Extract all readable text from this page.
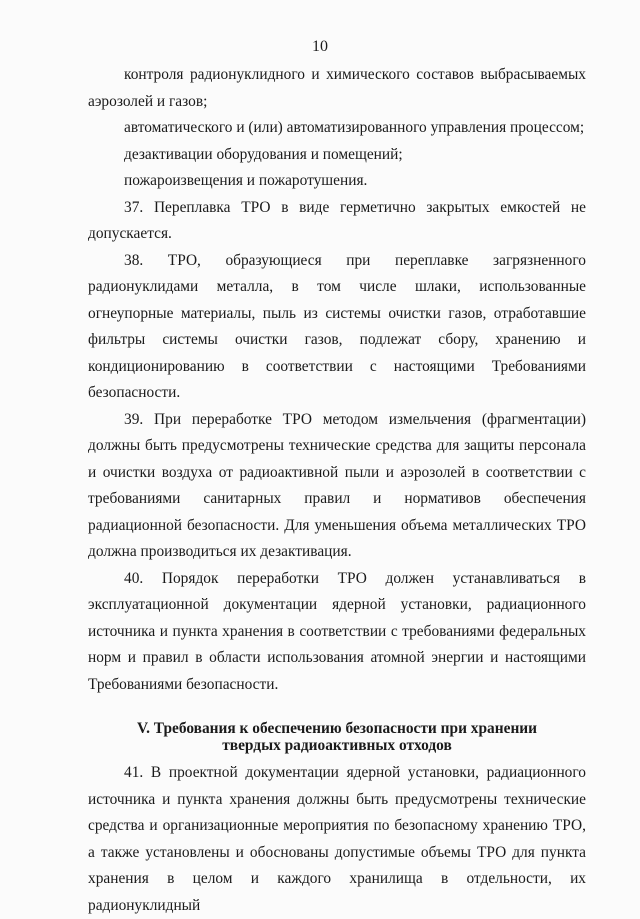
10

контроля радионуклидного и химического составов выбрасываемых аэрозолей и газов;

автоматического и (или) автоматизированного управления процессом;

дезактивации оборудования и помещений;

пожароизвещения и пожаротушения.

37. Переплавка ТРО в виде герметично закрытых емкостей не допускается.

38. ТРО, образующиеся при переплавке загрязненного радионуклидами металла, в том числе шлаки, использованные огнеупорные материалы, пыль из системы очистки газов, отработавшие фильтры системы очистки газов, подлежат сбору, хранению и кондиционированию в соответствии с настоящими Требованиями безопасности.

39. При переработке ТРО методом измельчения (фрагментации) должны быть предусмотрены технические средства для защиты персонала и очистки воздуха от радиоактивной пыли и аэрозолей в соответствии с требованиями санитарных правил и нормативов обеспечения радиационной безопасности. Для уменьшения объема металлических ТРО должна производиться их дезактивация.

40. Порядок переработки ТРО должен устанавливаться в эксплуатационной документации ядерной установки, радиационного источника и пункта хранения в соответствии с требованиями федеральных норм и правил в области использования атомной энергии и настоящими Требованиями безопасности.

V. Требования к обеспечению безопасности при хранении
твердых радиоактивных отходов

41. В проектной документации ядерной установки, радиационного источника и пункта хранения должны быть предусмотрены технические средства и организационные мероприятия по безопасному хранению ТРО, а также установлены и обоснованы допустимые объемы ТРО для пункта хранения в целом и каждого хранилища в отдельности, их радионуклидный
